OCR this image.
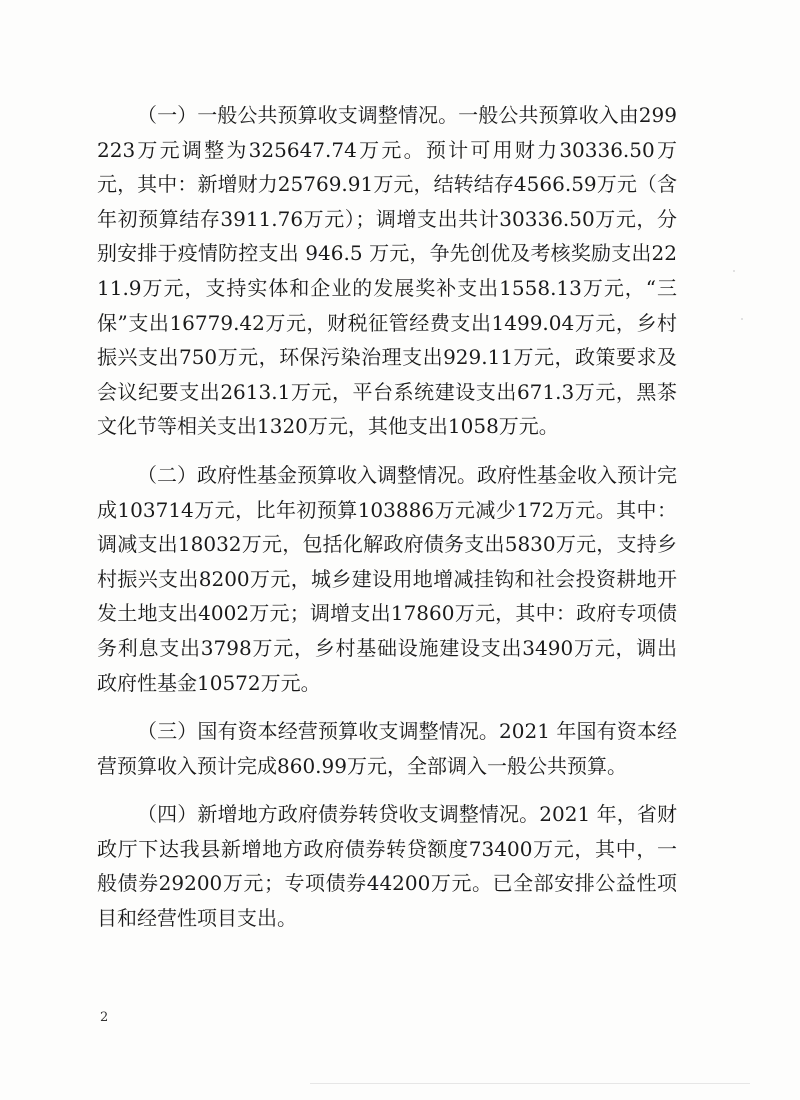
（一）一般公共预算收支调整情况。一般公共预算收入由299223万元调整为325647.74万元。预计可用财力30336.50万元，其中：新增财力25769.91万元，结转结存4566.59万元（含年初预算结存3911.76万元）；调增支出共计30336.50万元，分别安排于疫情防控支出 946.5 万元，争先创优及考核奖励支出2211.9万元，支持实体和企业的发展奖补支出1558.13万元，“三保”支出16779.42万元，财税征管经费支出1499.04万元，乡村振兴支出750万元，环保污染治理支出929.11万元，政策要求及会议纪要支出2613.1万元，平台系统建设支出671.3万元，黑茶文化节等相关支出1320万元，其他支出1058万元。

（二）政府性基金预算收入调整情况。政府性基金收入预计完成103714万元，比年初预算103886万元减少172万元。其中：调减支出18032万元，包括化解政府债务支出5830万元，支持乡村振兴支出8200万元，城乡建设用地增减挂钩和社会投资耕地开发土地支出4002万元；调增支出17860万元，其中：政府专项债务利息支出3798万元，乡村基础设施建设支出3490万元，调出政府性基金10572万元。

（三）国有资本经营预算收支调整情况。2021 年国有资本经营预算收入预计完成860.99万元，全部调入一般公共预算。

（四）新增地方政府债券转贷收支调整情况。2021 年，省财政厅下达我县新增地方政府债券转贷额度73400万元，其中，一般债券29200万元；专项债券44200万元。已全部安排公益性项目和经营性项目支出。

2
